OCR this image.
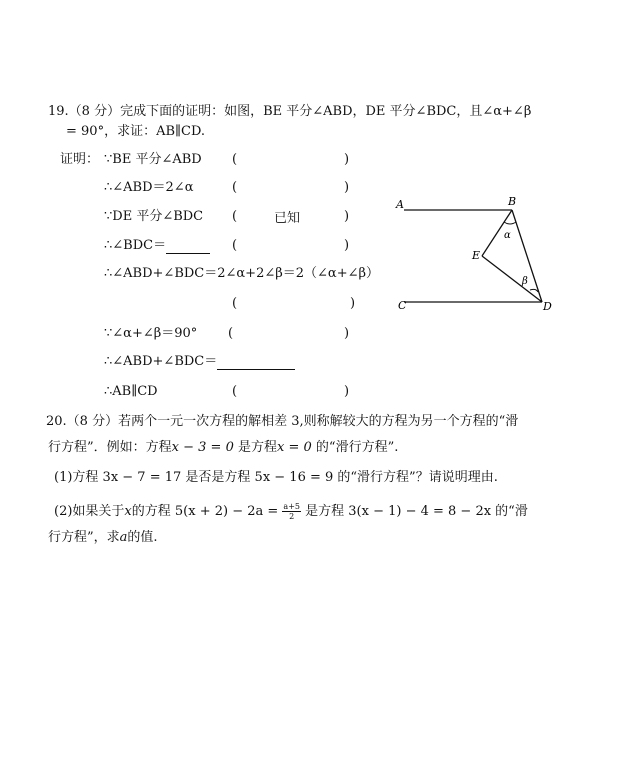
19.（8 分）完成下面的证明：如图，BE 平分∠ABD，DE 平分∠BDC，且∠α+∠β
= 90°，求证：AB∥CD.
证明： ∵BE 平分∠ABD (	)
∴∠ABD＝2∠α	(	)
∵DE 平分∠BDC (	已知	)
∴∠BDC＝	(	)
∴∠ABD+∠BDC＝2∠α+2∠β＝2（∠α+∠β）
(	)
∵∠α+∠β＝90° (	)
∴∠ABD+∠BDC＝
∴AB∥CD	(	)
A	B
C	D
E
α
β
20.（8 分）若两个一元一次方程的解相差 3,则称解较大的方程为另一个方程的“滑
行方程”．例如：方程x − 3 = 0 是方程x = 0 的“滑行方程”.
(1)方程 3x − 7 = 17 是否是方程 5x − 16 = 9 的“滑行方程”？请说明理由.
(2)如果关于x的方程 $5(x + 2) - 2a = \frac{a+5}{2}$ 是方程 3(x − 1) − 4 = 8 − 2x 的“滑
行方程”，求a的值.
